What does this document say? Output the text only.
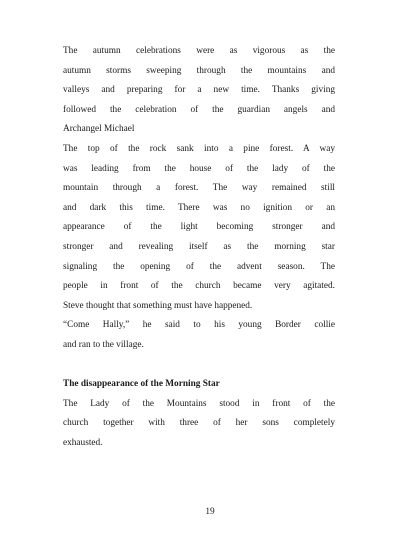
The autumn celebrations were as vigorous as the
autumn storms sweeping through the mountains and
valleys and preparing for a new time. Thanks giving
followed the celebration of the guardian angels and
Archangel Michael
The top of the rock sank into a pine forest. A way
was leading from the house of the lady of the
mountain through a forest. The way remained still
and dark this time. There was no ignition or an
appearance of the light becoming stronger and
stronger and revealing itself as the morning star
signaling the opening of the advent season. The
people in front of the church became very agitated.
Steve thought that something must have happened.
“Come Hally,” he said to his young Border collie
and ran to the village.
The disappearance of the Morning Star
The Lady of the Mountains stood in front of the
church together with three of her sons completely
exhausted.
19
